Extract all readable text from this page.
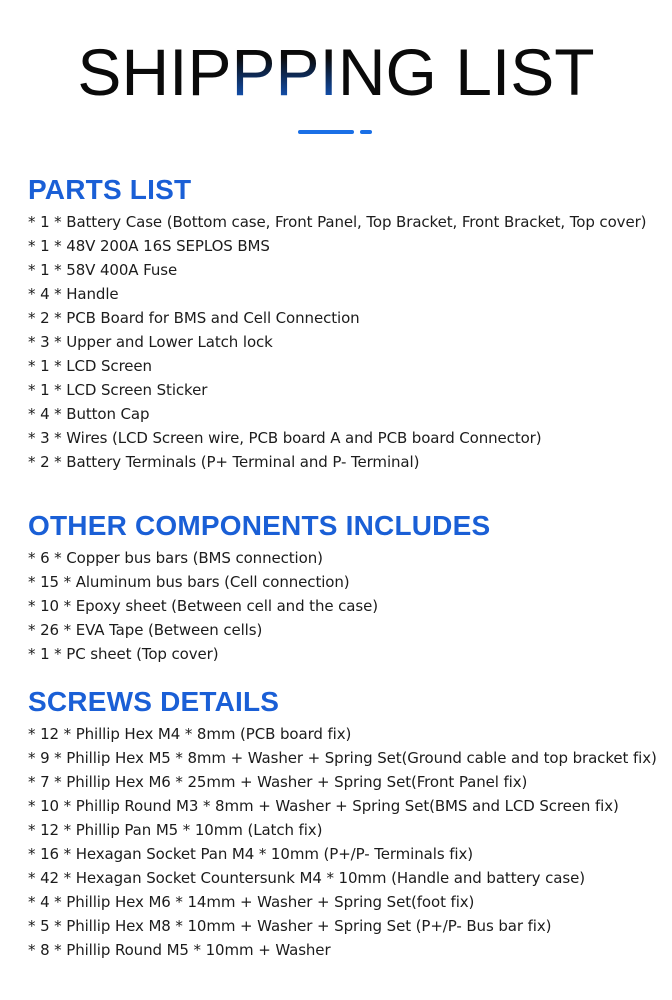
SHIPPPING LIST
PARTS LIST
* 1 * Battery Case (Bottom case, Front Panel, Top Bracket, Front Bracket, Top cover)
* 1 * 48V 200A 16S SEPLOS BMS
* 1 * 58V 400A Fuse
* 4 * Handle
* 2 * PCB Board for BMS and Cell Connection
* 3 * Upper and Lower Latch lock
* 1 * LCD Screen
* 1 * LCD Screen Sticker
* 4 * Button Cap
* 3 * Wires (LCD Screen wire, PCB board A and PCB board Connector)
* 2 * Battery Terminals (P+ Terminal and P- Terminal)
OTHER COMPONENTS INCLUDES
* 6 * Copper bus bars (BMS connection)
* 15 * Aluminum bus bars (Cell connection)
* 10 * Epoxy sheet (Between cell and the case)
* 26 * EVA Tape (Between cells)
* 1 * PC sheet (Top cover)
SCREWS DETAILS
* 12 * Phillip Hex M4 * 8mm (PCB board fix)
* 9 * Phillip Hex M5 * 8mm + Washer + Spring Set(Ground cable and top bracket fix)
* 7 * Phillip Hex M6 * 25mm + Washer + Spring Set(Front Panel fix)
* 10 * Phillip Round M3 * 8mm + Washer + Spring Set(BMS and LCD Screen fix)
* 12 * Phillip Pan M5 * 10mm (Latch fix)
* 16 * Hexagan Socket Pan M4 * 10mm (P+/P- Terminals fix)
* 42 * Hexagan Socket Countersunk M4 * 10mm (Handle and battery case)
* 4 * Phillip Hex M6 * 14mm + Washer + Spring Set(foot fix)
* 5 * Phillip Hex M8 * 10mm + Washer + Spring Set (P+/P- Bus bar fix)
* 8 * Phillip Round M5 * 10mm + Washer
